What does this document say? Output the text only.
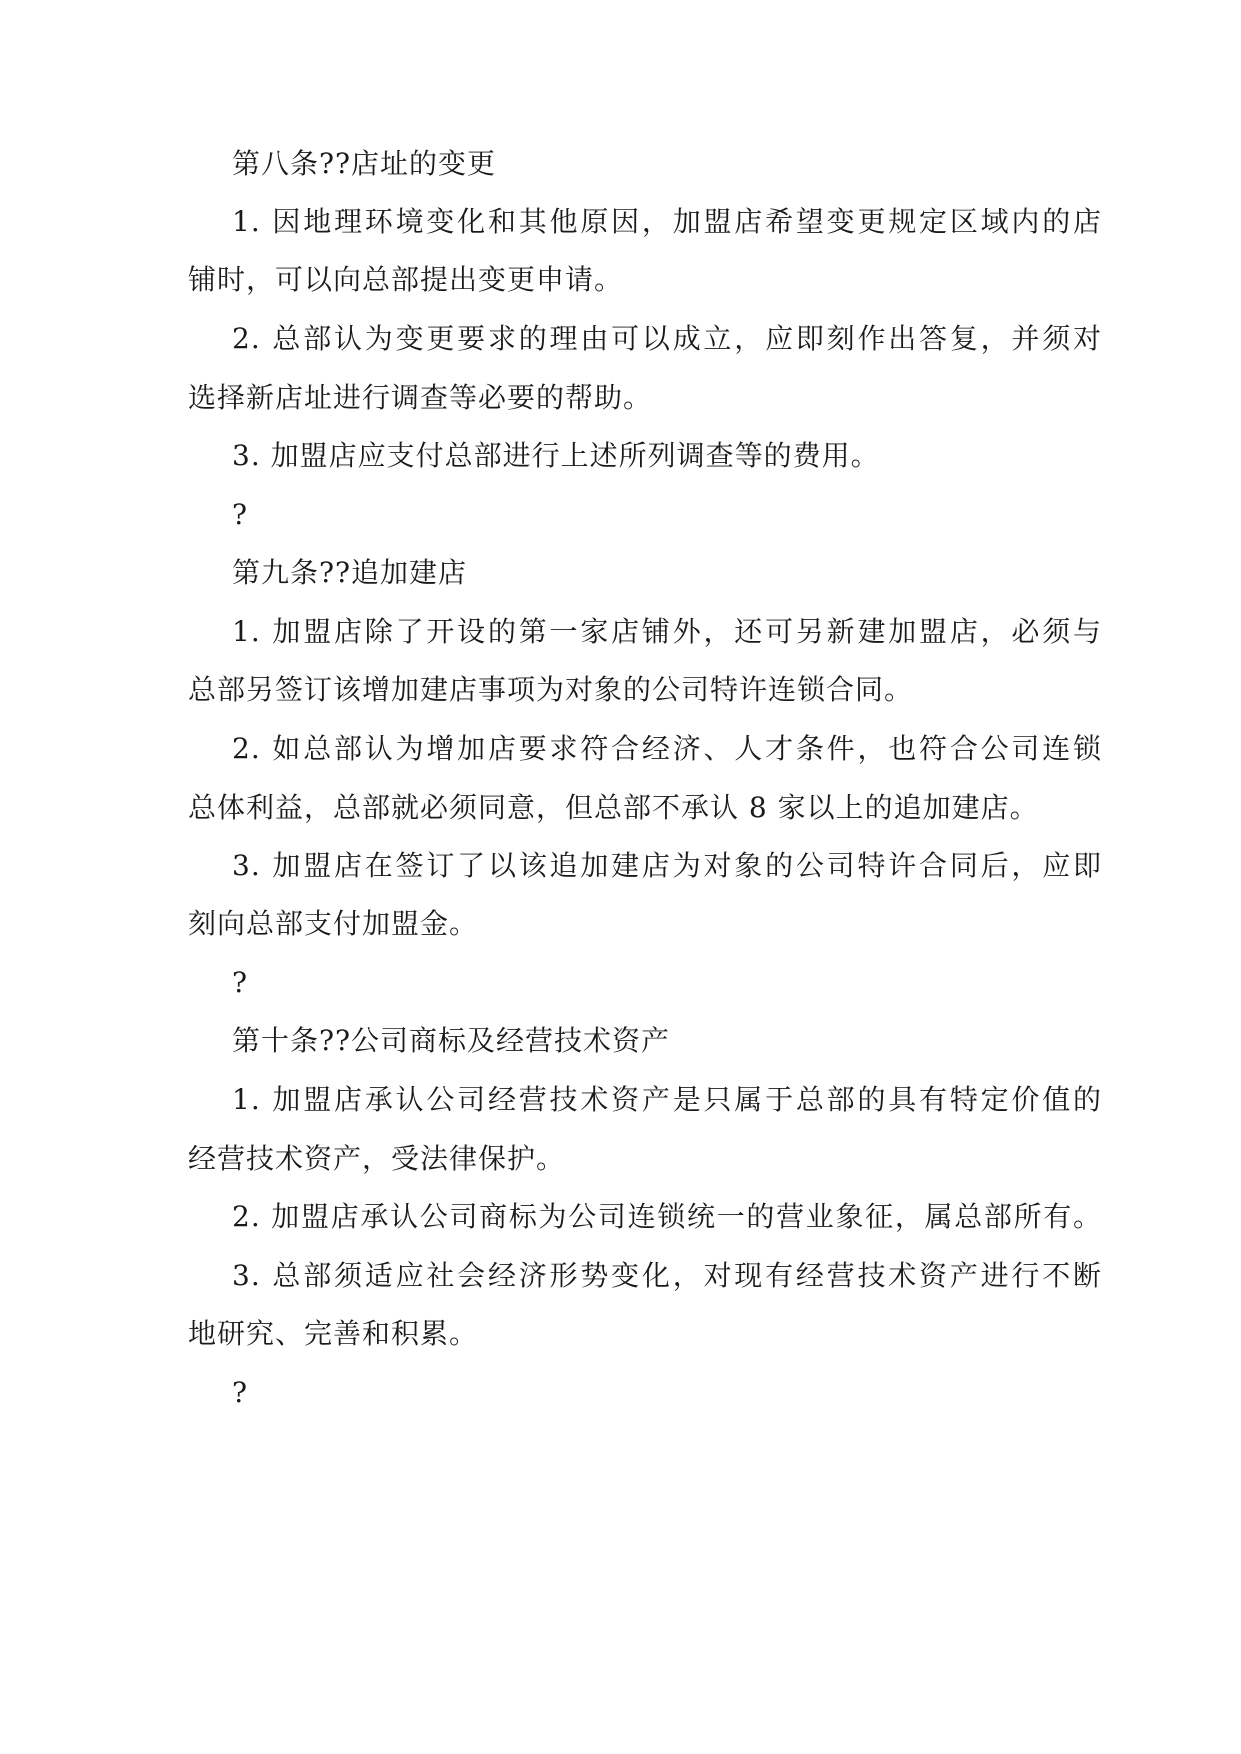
第八条??店址的变更
1. 因地理环境变化和其他原因，加盟店希望变更规定区域内的店
铺时，可以向总部提出变更申请。
2. 总部认为变更要求的理由可以成立，应即刻作出答复，并须对
选择新店址进行调查等必要的帮助。
3. 加盟店应支付总部进行上述所列调查等的费用。
?
第九条??追加建店
1. 加盟店除了开设的第一家店铺外，还可另新建加盟店，必须与
总部另签订该增加建店事项为对象的公司特许连锁合同。
2. 如总部认为增加店要求符合经济、人才条件，也符合公司连锁
总体利益，总部就必须同意，但总部不承认 8 家以上的追加建店。
3. 加盟店在签订了以该追加建店为对象的公司特许合同后，应即
刻向总部支付加盟金。
?
第十条??公司商标及经营技术资产
1. 加盟店承认公司经营技术资产是只属于总部的具有特定价值的
经营技术资产，受法律保护。
2. 加盟店承认公司商标为公司连锁统一的营业象征，属总部所有。
3. 总部须适应社会经济形势变化，对现有经营技术资产进行不断
地研究、完善和积累。
?
